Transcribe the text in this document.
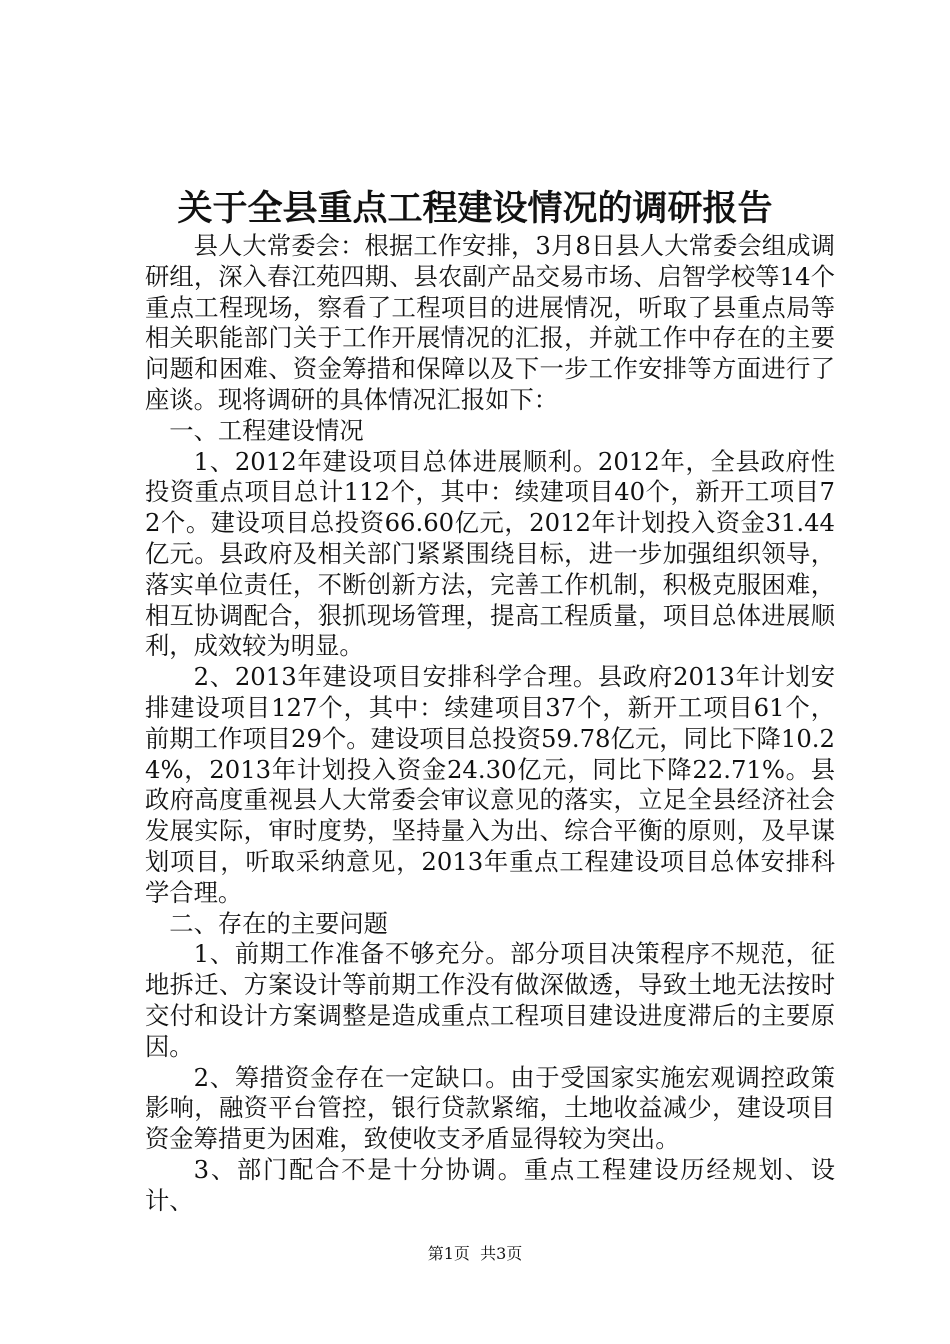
关于全县重点工程建设情况的调研报告

县人大常委会：根据工作安排，3月8日县人大常委会组成调研组，深入春江苑四期、县农副产品交易市场、启智学校等14个重点工程现场，察看了工程项目的进展情况，听取了县重点局等相关职能部门关于工作开展情况的汇报，并就工作中存在的主要问题和困难、资金筹措和保障以及下一步工作安排等方面进行了座谈。现将调研的具体情况汇报如下：

一、工程建设情况

1、2012年建设项目总体进展顺利。2012年，全县政府性投资重点项目总计112个，其中：续建项目40个，新开工项目72个。建设项目总投资66.60亿元，2012年计划投入资金31.44亿元。县政府及相关部门紧紧围绕目标，进一步加强组织领导，落实单位责任，不断创新方法，完善工作机制，积极克服困难，相互协调配合，狠抓现场管理，提高工程质量，项目总体进展顺利，成效较为明显。

2、2013年建设项目安排科学合理。县政府2013年计划安排建设项目127个，其中：续建项目37个，新开工项目61个，前期工作项目29个。建设项目总投资59.78亿元，同比下降10.24%，2013年计划投入资金24.30亿元，同比下降22.71%。县政府高度重视县人大常委会审议意见的落实，立足全县经济社会发展实际，审时度势，坚持量入为出、综合平衡的原则，及早谋划项目，听取采纳意见，2013年重点工程建设项目总体安排科学合理。

二、存在的主要问题

1、前期工作准备不够充分。部分项目决策程序不规范，征地拆迁、方案设计等前期工作没有做深做透，导致土地无法按时交付和设计方案调整是造成重点工程项目建设进度滞后的主要原因。

2、筹措资金存在一定缺口。由于受国家实施宏观调控政策影响，融资平台管控，银行贷款紧缩，土地收益减少，建设项目资金筹措更为困难，致使收支矛盾显得较为突出。

3、部门配合不是十分协调。重点工程建设历经规划、设计、

第1页 共3页
